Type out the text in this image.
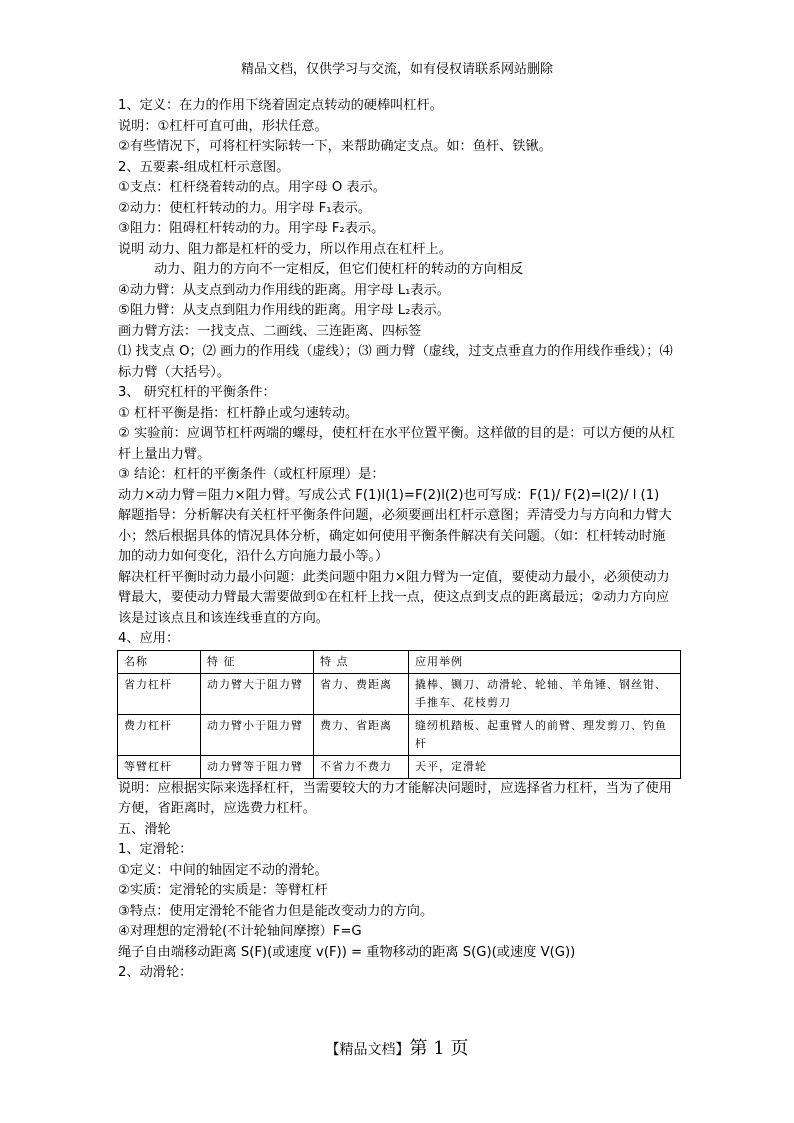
精品文档，仅供学习与交流，如有侵权请联系网站删除
1、定义：在力的作用下绕着固定点转动的硬棒叫杠杆。
说明：①杠杆可直可曲，形状任意。
②有些情况下，可将杠杆实际转一下，来帮助确定支点。如：鱼杆、铁锹。
2、五要素-组成杠杆示意图。
①支点：杠杆绕着转动的点。用字母 O 表示。
②动力：使杠杆转动的力。用字母 F₁表示。
③阻力：阻碍杠杆转动的力。用字母 F₂表示。
说明 动力、阻力都是杠杆的受力，所以作用点在杠杆上。
动力、阻力的方向不一定相反，但它们使杠杆的转动的方向相反
④动力臂：从支点到动力作用线的距离。用字母 L₁表示。
⑤阻力臂：从支点到阻力作用线的距离。用字母 L₂表示。
画力臂方法：一找支点、二画线、三连距离、四标签
⑴ 找支点 O；⑵ 画力的作用线（虚线）；⑶ 画力臂（虚线，过支点垂直力的作用线作垂线）；⑷ 标力臂（大括号）。
3、 研究杠杆的平衡条件：
① 杠杆平衡是指：杠杆静止或匀速转动。
② 实验前：应调节杠杆两端的螺母，使杠杆在水平位置平衡。这样做的目的是：可以方便的从杠杆上量出力臂。
③ 结论：杠杆的平衡条件（或杠杆原理）是：
动力×动力臂＝阻力×阻力臂。写成公式 F(1)l(1)=F(2)l(2)也可写成：F(1)/ F(2)=l(2)/ l (1)
解题指导：分析解决有关杠杆平衡条件问题，必须要画出杠杆示意图；弄清受力与方向和力臂大小；然后根据具体的情况具体分析，确定如何使用平衡条件解决有关问题。（如：杠杆转动时施加的动力如何变化，沿什么方向施力最小等。）
解决杠杆平衡时动力最小问题：此类问题中阻力×阻力臂为一定值，要使动力最小，必须使动力臂最大，要使动力臂最大需要做到①在杠杆上找一点，使这点到支点的距离最远；②动力方向应该是过该点且和该连线垂直的方向。
4、应用：
名称	特 征	特 点	应用举例
省力杠杆	动力臂大于阻力臂	省力、费距离	撬棒、铡刀、动滑轮、轮轴、羊角锤、钢丝钳、手推车、花枝剪刀
费力杠杆	动力臂小于阻力臂	费力、省距离	缝纫机踏板、起重臂人的前臂、理发剪刀、钓鱼杆
等臂杠杆	动力臂等于阻力臂	不省力不费力	天平，定滑轮
说明：应根据实际来选择杠杆，当需要较大的力才能解决问题时，应选择省力杠杆，当为了使用方便，省距离时，应选费力杠杆。
五、滑轮
1、定滑轮：
①定义：中间的轴固定不动的滑轮。
②实质：定滑轮的实质是：等臂杠杆
③特点：使用定滑轮不能省力但是能改变动力的方向。
④对理想的定滑轮(不计轮轴间摩擦）F=G
绳子自由端移动距离 S(F)(或速度 v(F)) = 重物移动的距离 S(G)(或速度 V(G))
2、动滑轮：
【精品文档】第 1 页
